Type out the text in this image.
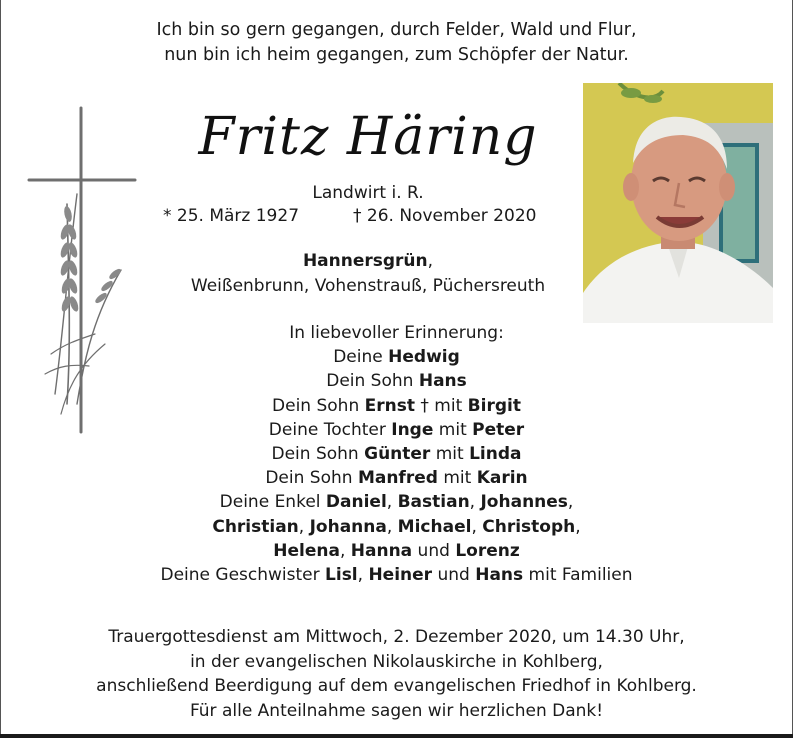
Ich bin so gern gegangen, durch Felder, Wald und Flur,
nun bin ich heim gegangen, zum Schöpfer der Natur.
Fritz Häring
Landwirt i. R.
* 25. März 1927	† 26. November 2020
Hannersgrün,
Weißenbrunn, Vohenstrauß, Püchersreuth
In liebevoller Erinnerung:
Deine Hedwig
Dein Sohn Hans
Dein Sohn Ernst † mit Birgit
Deine Tochter Inge mit Peter
Dein Sohn Günter mit Linda
Dein Sohn Manfred mit Karin
Deine Enkel Daniel, Bastian, Johannes,
Christian, Johanna, Michael, Christoph,
Helena, Hanna und Lorenz
Deine Geschwister Lisl, Heiner und Hans mit Familien
Trauergottesdienst am Mittwoch, 2. Dezember 2020, um 14.30 Uhr,
in der evangelischen Nikolauskirche in Kohlberg,
anschließend Beerdigung auf dem evangelischen Friedhof in Kohlberg.
Für alle Anteilnahme sagen wir herzlichen Dank!
